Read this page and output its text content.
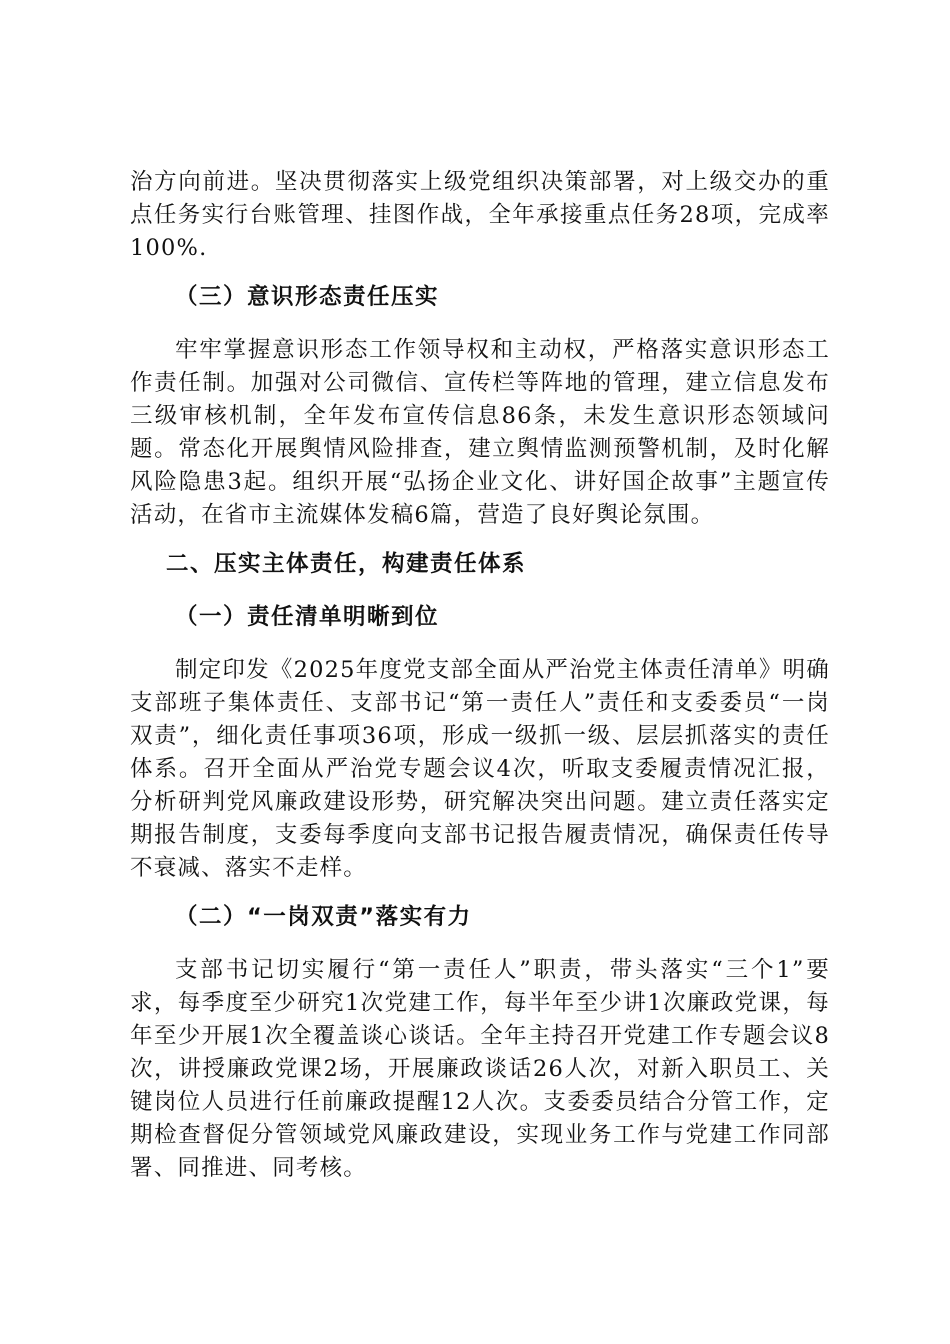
治方向前进。坚决贯彻落实上级党组织决策部署，对上级交办的重点任务实行台账管理、挂图作战，全年承接重点任务28项，完成率100%.

（三）意识形态责任压实

牢牢掌握意识形态工作领导权和主动权，严格落实意识形态工作责任制。加强对公司微信、宣传栏等阵地的管理，建立信息发布三级审核机制，全年发布宣传信息86条，未发生意识形态领域问题。常态化开展舆情风险排查，建立舆情监测预警机制，及时化解风险隐患3起。组织开展“弘扬企业文化、讲好国企故事”主题宣传活动，在省市主流媒体发稿6篇，营造了良好舆论氛围。

二、压实主体责任，构建责任体系

（一）责任清单明晰到位

制定印发《2025年度党支部全面从严治党主体责任清单》明确支部班子集体责任、支部书记“第一责任人”责任和支委委员“一岗双责”，细化责任事项36项，形成一级抓一级、层层抓落实的责任体系。召开全面从严治党专题会议4次，听取支委履责情况汇报，分析研判党风廉政建设形势，研究解决突出问题。建立责任落实定期报告制度，支委每季度向支部书记报告履责情况，确保责任传导不衰减、落实不走样。

（二）“一岗双责”落实有力

支部书记切实履行“第一责任人”职责，带头落实“三个1”要求，每季度至少研究1次党建工作，每半年至少讲1次廉政党课，每年至少开展1次全覆盖谈心谈话。全年主持召开党建工作专题会议8次，讲授廉政党课2场，开展廉政谈话26人次，对新入职员工、关键岗位人员进行任前廉政提醒12人次。支委委员结合分管工作，定期检查督促分管领域党风廉政建设，实现业务工作与党建工作同部署、同推进、同考核。
